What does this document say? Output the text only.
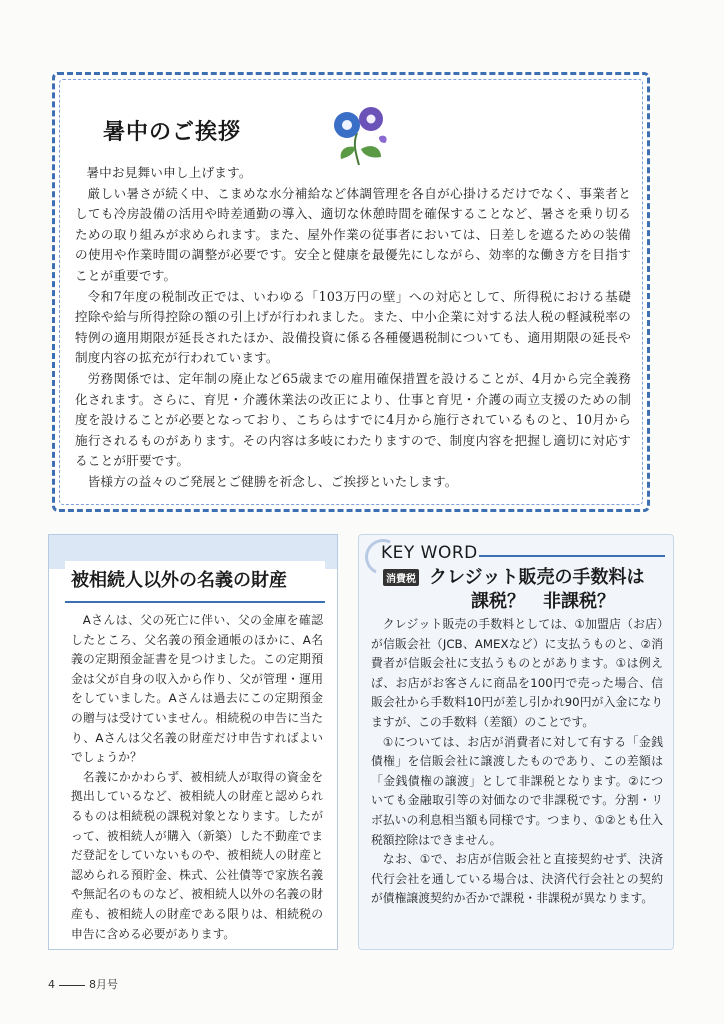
暑中のご挨拶

暑中お見舞い申し上げます。

厳しい暑さが続く中、こまめな水分補給など体調管理を各自が心掛けるだけでなく、事業者としても冷房設備の活用や時差通勤の導入、適切な休憩時間を確保することなど、暑さを乗り切るための取り組みが求められます。また、屋外作業の従事者においては、日差しを遮るための装備の使用や作業時間の調整が必要です。安全と健康を最優先にしながら、効率的な働き方を目指すことが重要です。

令和7年度の税制改正では、いわゆる「103万円の壁」への対応として、所得税における基礎控除や給与所得控除の額の引上げが行われました。また、中小企業に対する法人税の軽減税率の特例の適用期限が延長されたほか、設備投資に係る各種優遇税制についても、適用期限の延長や制度内容の拡充が行われています。

労務関係では、定年制の廃止など65歳までの雇用確保措置を設けることが、4月から完全義務化されます。さらに、育児・介護休業法の改正により、仕事と育児・介護の両立支援のための制度を設けることが必要となっており、こちらはすでに4月から施行されているものと、10月から施行されるものがあります。その内容は多岐にわたりますので、制度内容を把握し適切に対応することが肝要です。

皆様方の益々のご発展とご健勝を祈念し、ご挨拶といたします。

被相続人以外の名義の財産

Aさんは、父の死亡に伴い、父の金庫を確認したところ、父名義の預金通帳のほかに、A名義の定期預金証書を見つけました。この定期預金は父が自身の収入から作り、父が管理・運用をしていました。Aさんは過去にこの定期預金の贈与は受けていません。相続税の申告に当たり、Aさんは父名義の財産だけ申告すればよいでしょうか？

名義にかかわらず、被相続人が取得の資金を拠出しているなど、被相続人の財産と認められるものは相続税の課税対象となります。したがって、被相続人が購入（新築）した不動産でまだ登記をしていないものや、被相続人の財産と認められる預貯金、株式、公社債等で家族名義や無記名のものなど、被相続人以外の名義の財産も、被相続人の財産である限りは、相続税の申告に含める必要があります。

KEY WORD
消費税 クレジット販売の手数料は
課税？　非課税？

クレジット販売の手数料としては、①加盟店（お店）が信販会社（JCB、AMEXなど）に支払うものと、②消費者が信販会社に支払うものとがあります。①は例えば、お店がお客さんに商品を100円で売った場合、信販会社から手数料10円が差し引かれ90円が入金になりますが、この手数料（差額）のことです。

①については、お店が消費者に対して有する「金銭債権」を信販会社に譲渡したものであり、この差額は「金銭債権の譲渡」として非課税となります。②についても金融取引等の対価なので非課税です。分割・リボ払いの利息相当額も同様です。つまり、①②とも仕入税額控除はできません。

なお、①で、お店が信販会社と直接契約せず、決済代行会社を通している場合は、決済代行会社との契約が債権譲渡契約か否かで課税・非課税が異なります。

4	8月号
